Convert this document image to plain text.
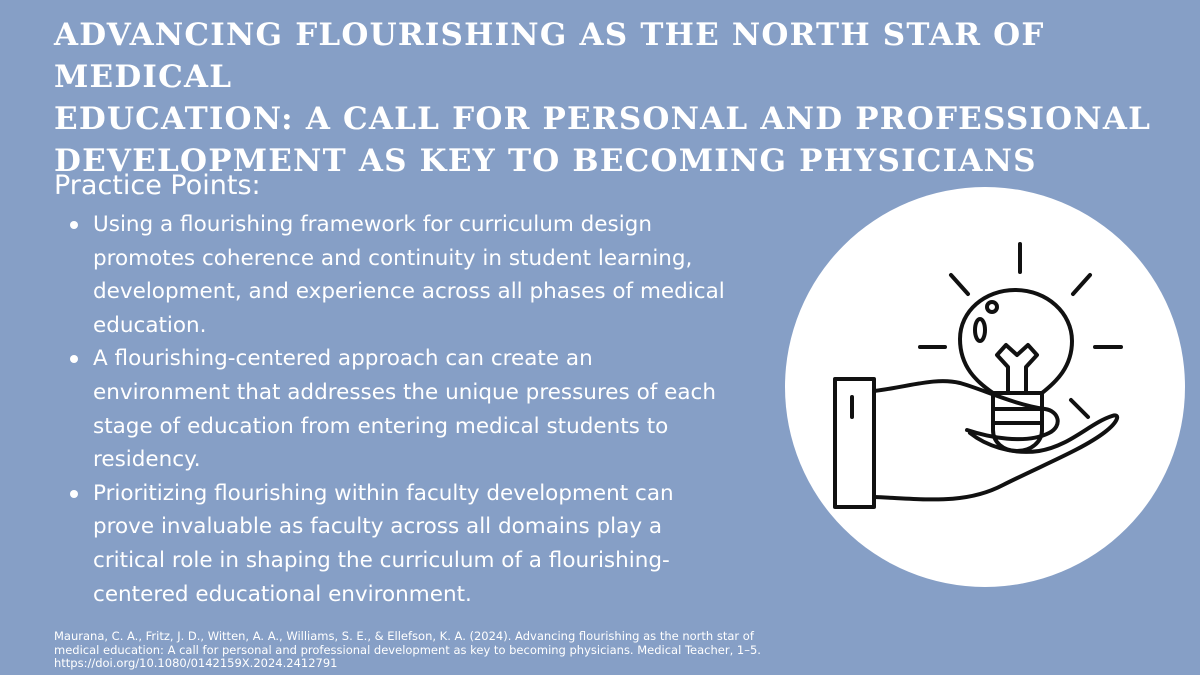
ADVANCING FLOURISHING AS THE NORTH STAR OF MEDICAL
EDUCATION: A CALL FOR PERSONAL AND PROFESSIONAL
DEVELOPMENT AS KEY TO BECOMING PHYSICIANS
Practice Points:
Using a flourishing framework for curriculum design
promotes coherence and continuity in student learning,
development, and experience across all phases of medical
education.
A flourishing-centered approach can create an
environment that addresses the unique pressures of each
stage of education from entering medical students to
residency.
Prioritizing flourishing within faculty development can
prove invaluable as faculty across all domains play a
critical role in shaping the curriculum of a flourishing-
centered educational environment.

Maurana, C. A., Fritz, J. D., Witten, A. A., Williams, S. E., & Ellefson, K. A. (2024). Advancing flourishing as the north star of
medical education: A call for personal and professional development as key to becoming physicians. Medical Teacher, 1–5.
https://doi.org/10.1080/0142159X.2024.2412791
